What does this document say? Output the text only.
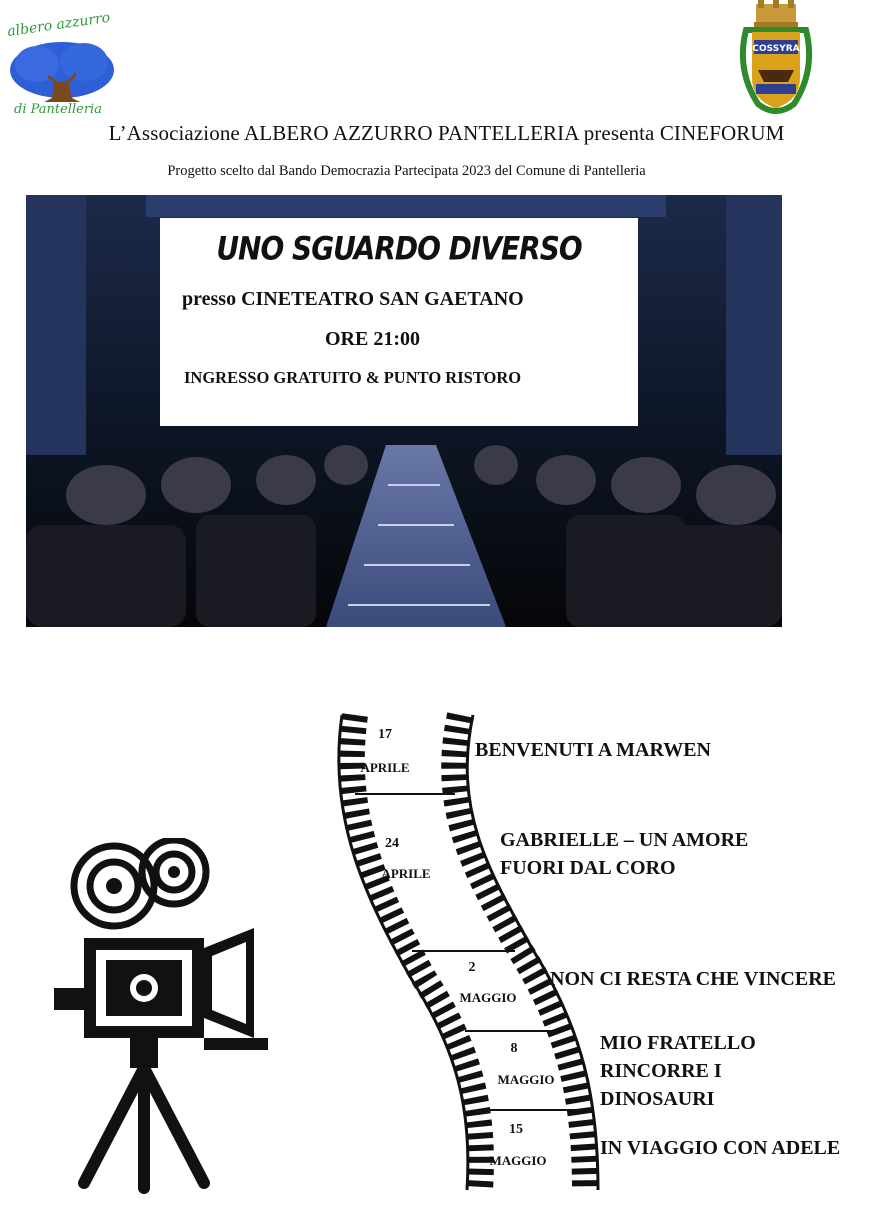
albero azzurro
di Pantelleria
COSSYRA
L’Associazione ALBERO AZZURRO PANTELLERIA presenta CINEFORUM
Progetto scelto dal Bando Democrazia Partecipata 2023 del Comune di Pantelleria
UNO SGUARDO DIVERSO
presso CINETEATRO SAN GAETANO
ORE 21:00
INGRESSO GRATUITO & PUNTO RISTORO
17
APRILE
BENVENUTI A MARWEN
24
APRILE
GABRIELLE – UN AMORE
FUORI DAL CORO
2
MAGGIO
NON CI RESTA CHE VINCERE
8
MAGGIO
MIO FRATELLO
RINCORRE I
DINOSAURI
15
MAGGIO
IN VIAGGIO CON ADELE
